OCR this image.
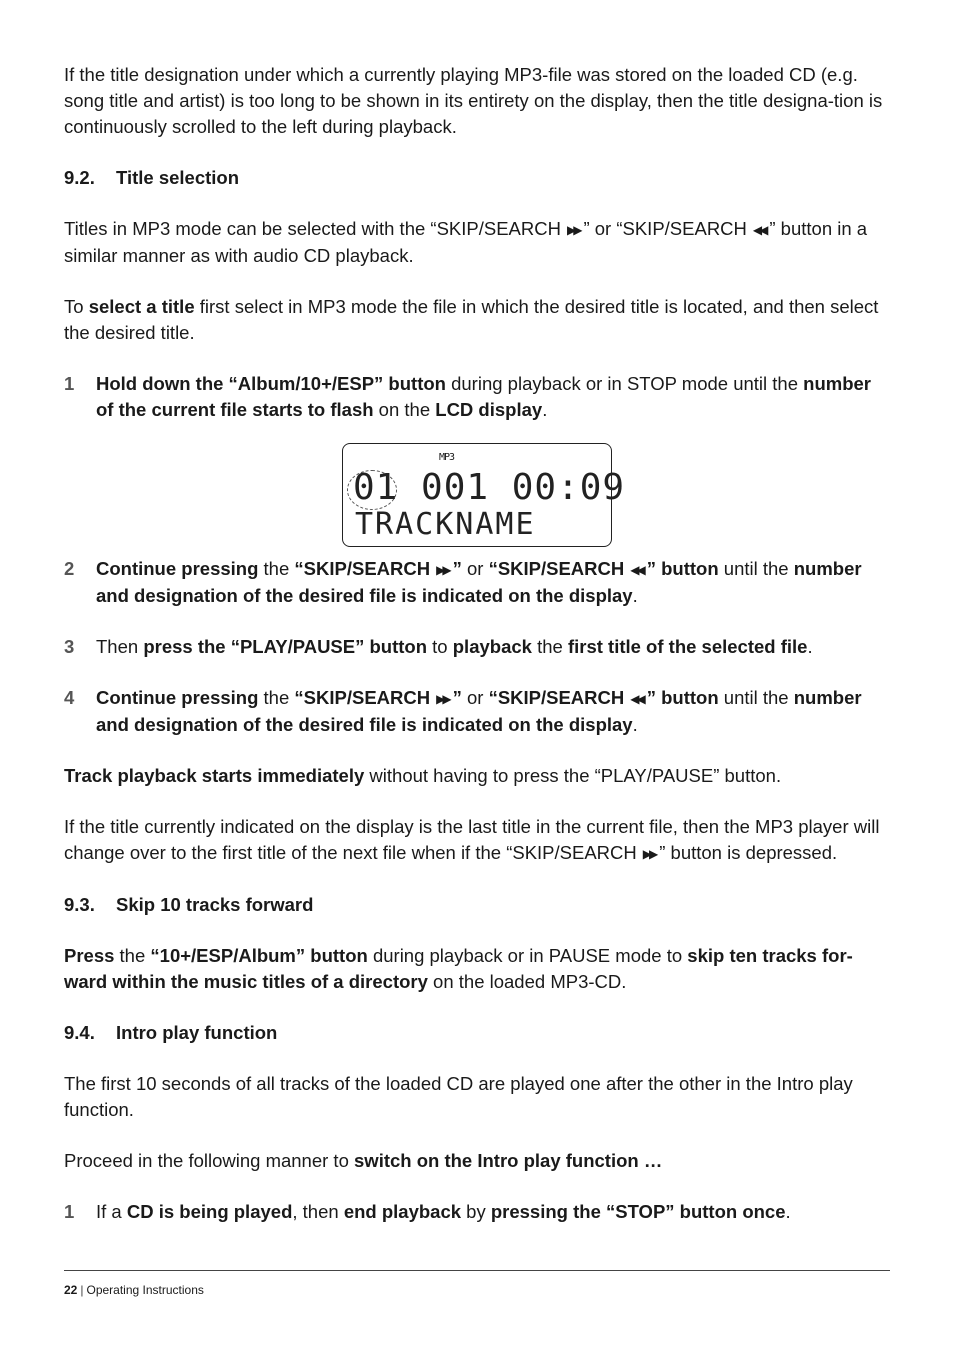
If the title designation under which a currently playing MP3-file was stored on the loaded CD (e.g. song title and artist) is too long to be shown in its entirety on the display, then the title designa-tion is continuously scrolled to the left during playback.

9.2. Title selection

Titles in MP3 mode can be selected with the “SKIP/SEARCH ▶▶ ” or “SKIP/SEARCH ◀◀ ” button in a similar manner as with audio CD playback.

To select a title first select in MP3 mode the file in which the desired title is located, and then select the desired title.

1 Hold down the “Album/10+/ESP” button during playback or in STOP mode until the number of the current file starts to flash on the LCD display.

MP3
01 001 00:09
TRACKNAME

2 Continue pressing the “SKIP/SEARCH ▶▶ ” or “SKIP/SEARCH ◀◀ ” button until the number and designation of the desired file is indicated on the display.

3 Then press the “PLAY/PAUSE” button to playback the first title of the selected file.

4 Continue pressing the “SKIP/SEARCH ▶▶ ” or “SKIP/SEARCH ◀◀ ” button until the number and designation of the desired file is indicated on the display.

Track playback starts immediately without having to press the “PLAY/PAUSE” button.

If the title currently indicated on the display is the last title in the current file, then the MP3 player will change over to the first title of the next file when if the “SKIP/SEARCH ▶▶ ” button is depressed.

9.3. Skip 10 tracks forward

Press the “10+/ESP/Album” button during playback or in PAUSE mode to skip ten tracks for-ward within the music titles of a directory on the loaded MP3-CD.

9.4. Intro play function

The first 10 seconds of all tracks of the loaded CD are played one after the other in the Intro play function.

Proceed in the following manner to switch on the Intro play function …

1 If a CD is being played, then end playback by pressing the “STOP” button once.

22 | Operating Instructions
